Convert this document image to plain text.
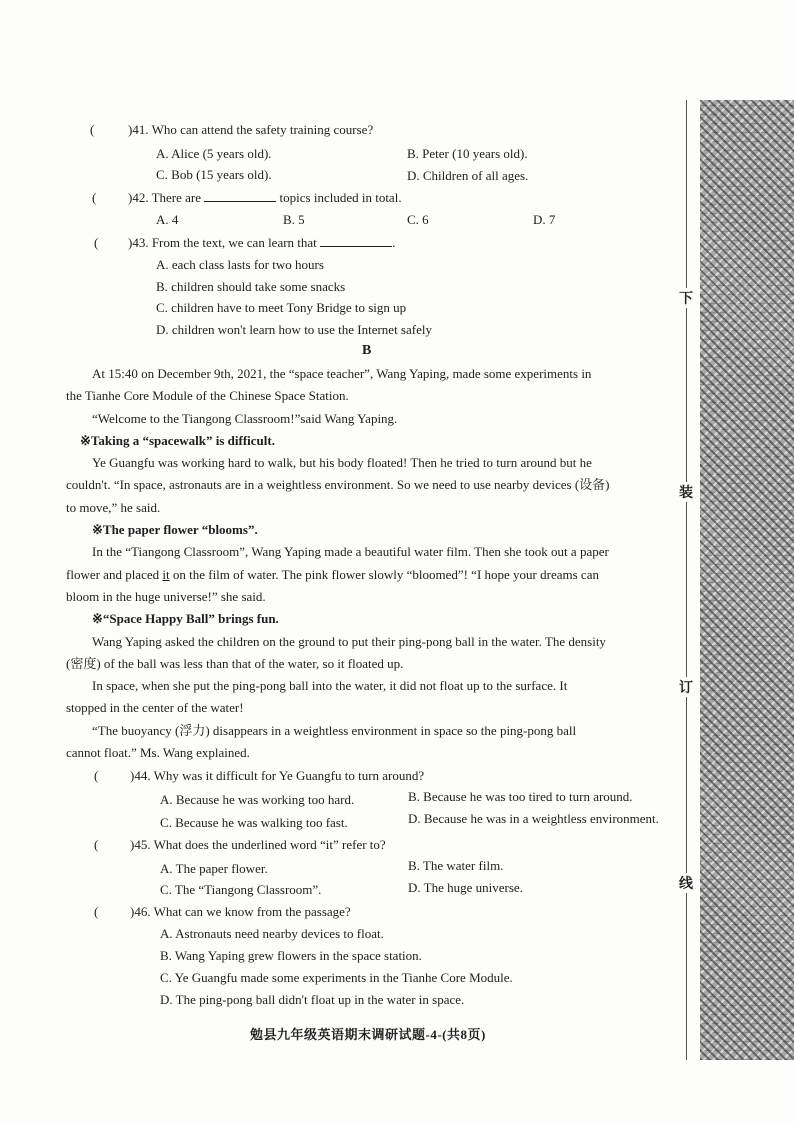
(	)41. Who can attend the safety training course?
A. Alice (5 years old).	B. Peter (10 years old).
C. Bob (15 years old).	D. Children of all ages.
( )42. There are	topics included in total.
A. 4	B. 5	C. 6	D. 7
( )43. From the text, we can learn that	.
A. each class lasts for two hours
B. children should take some snacks
C. children have to meet Tony Bridge to sign up
D. children won't learn how to use the Internet safely
B
At 15:40 on December 9th, 2021, the “space teacher”, Wang Yaping, made some experiments in
the Tianhe Core Module of the Chinese Space Station.
“Welcome to the Tiangong Classroom!”said Wang Yaping.
※Taking a “spacewalk” is difficult.
Ye Guangfu was working hard to walk, but his body floated! Then he tried to turn around but he
couldn't. “In space, astronauts are in a weightless environment. So we need to use nearby devices (设备)
to move,” he said.
※The paper flower “blooms”.
In the “Tiangong Classroom”, Wang Yaping made a beautiful water film. Then she took out a paper
flower and placed it on the film of water. The pink flower slowly “bloomed”! “I hope your dreams can
bloom in the huge universe!” she said.
※“Space Happy Ball” brings fun.
Wang Yaping asked the children on the ground to put their ping-pong ball in the water. The density
(密度) of the ball was less than that of the water, so it floated up.
In space, when she put the ping-pong ball into the water, it did not float up to the surface. It
stopped in the center of the water!
“The buoyancy (浮力) disappears in a weightless environment in space so the ping-pong ball
cannot float.” Ms. Wang explained.
( )44. Why was it difficult for Ye Guangfu to turn around?
A. Because he was working too hard.	B. Because he was too tired to turn around.
C. Because he was walking too fast.	D. Because he was in a weightless environment.
( )45. What does the underlined word “it” refer to?
A. The paper flower.	B. The water film.
C. The “Tiangong Classroom”.	D. The huge universe.
( )46. What can we know from the passage?
A. Astronauts need nearby devices to float.
B. Wang Yaping grew flowers in the space station.
C. Ye Guangfu made some experiments in the Tianhe Core Module.
D. The ping-pong ball didn't float up in the water in space.
勉县九年级英语期末调研试题-4-(共8页)
下
装
订
线
